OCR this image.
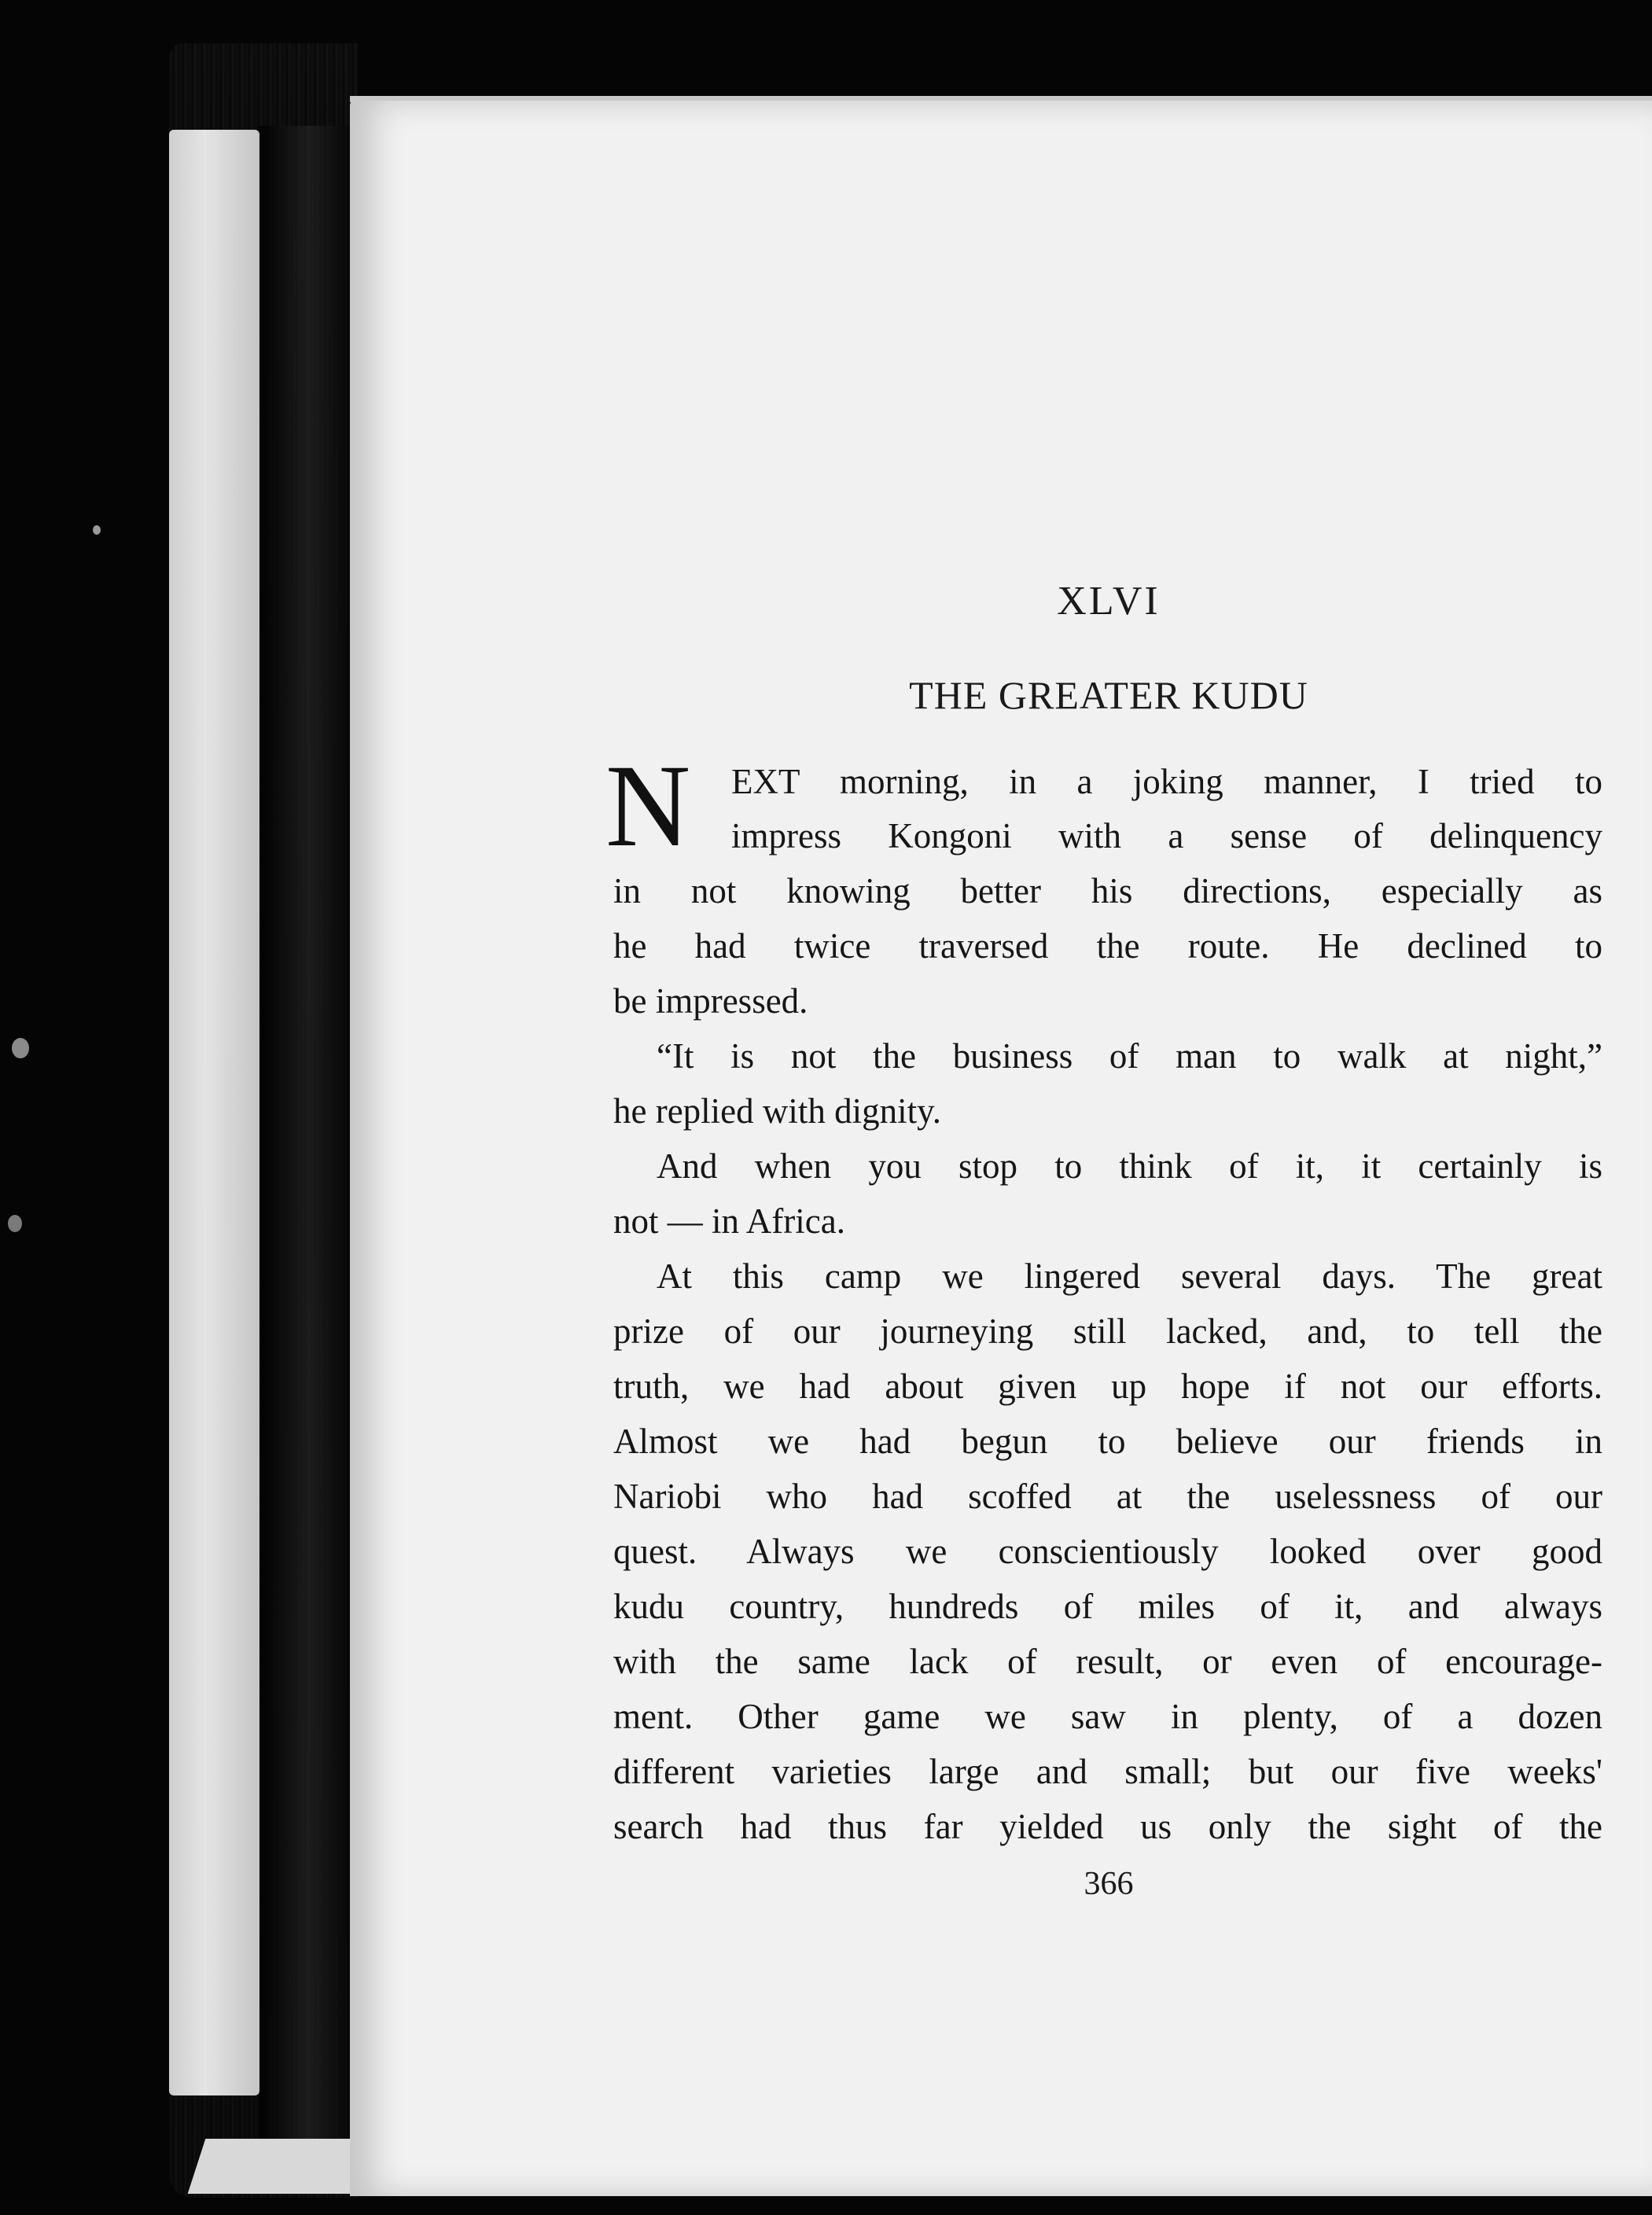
XLVI
THE GREATER KUDU
N EXT morning, in a joking manner, I tried to
impress Kongoni with a sense of delinquency
in not knowing better his directions, especially as
he had twice traversed the route. He declined to
be impressed.
“It is not the business of man to walk at night,”
he replied with dignity.
And when you stop to think of it, it certainly is
not — in Africa.
At this camp we lingered several days. The great
prize of our journeying still lacked, and, to tell the
truth, we had about given up hope if not our efforts.
Almost we had begun to believe our friends in
Nariobi who had scoffed at the uselessness of our
quest. Always we conscientiously looked over good
kudu country, hundreds of miles of it, and always
with the same lack of result, or even of encourage-
ment. Other game we saw in plenty, of a dozen
different varieties large and small; but our five weeks'
search had thus far yielded us only the sight of the
366
